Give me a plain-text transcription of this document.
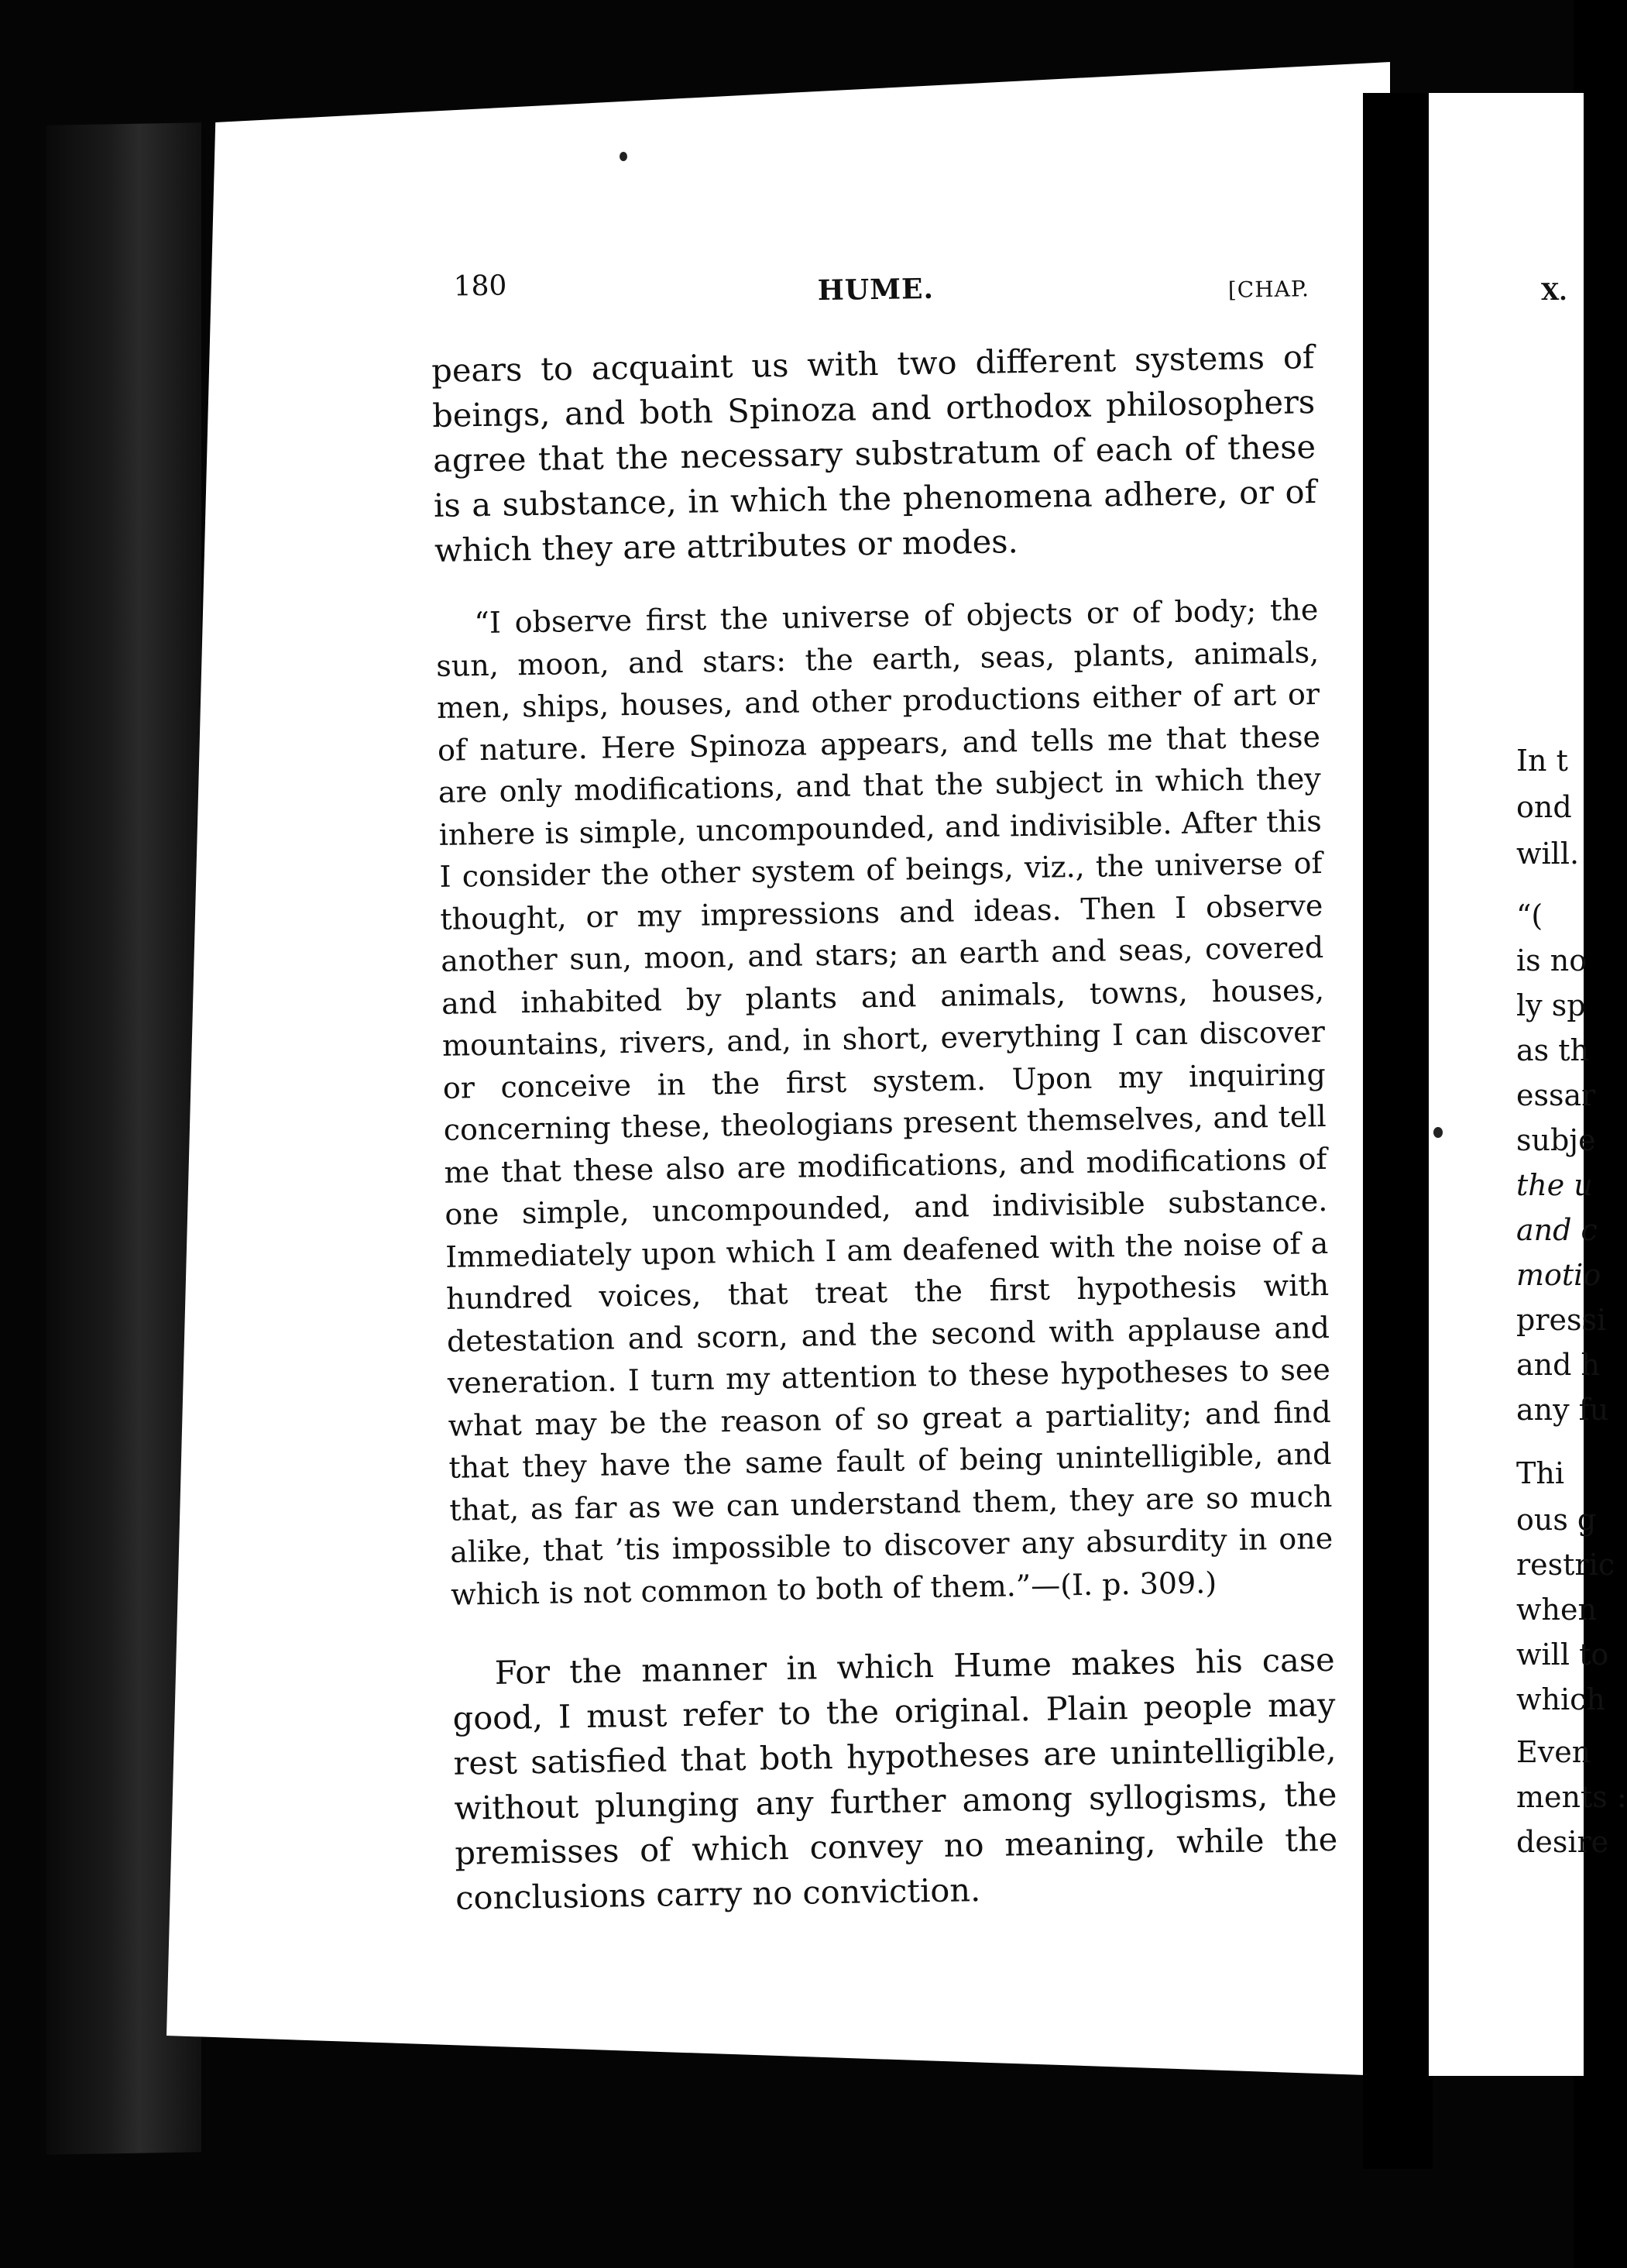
180	HUME.	[CHAP.

pears to acquaint us with two different systems of beings, and both Spinoza and orthodox philosophers agree that the necessary substratum of each of these is a substance, in which the phenomena adhere, or of which they are attributes or modes.

“I observe first the universe of objects or of body; the sun, moon, and stars: the earth, seas, plants, animals, men, ships, houses, and other productions either of art or of nature. Here Spinoza appears, and tells me that these are only modifications, and that the subject in which they inhere is simple, uncompounded, and indivisible. After this I consider the other system of beings, viz., the universe of thought, or my impressions and ideas. Then I observe another sun, moon, and stars; an earth and seas, covered and inhabited by plants and animals, towns, houses, mountains, rivers, and, in short, everything I can discover or conceive in the first system. Upon my inquiring concerning these, theologians present themselves, and tell me that these also are modifications, and modifications of one simple, uncompounded, and indivisible substance. Immediately upon which I am deafened with the noise of a hundred voices, that treat the first hypothesis with detestation and scorn, and the second with applause and veneration. I turn my attention to these hypotheses to see what may be the reason of so great a partiality; and find that they have the same fault of being unintelligible, and that, as far as we can understand them, they are so much alike, that ’tis impossible to discover any absurdity in one which is not common to both of them.”—(I. p. 309.)

For the manner in which Hume makes his case good, I must refer to the original. Plain people may rest satisfied that both hypotheses are unintelligible, without plunging any further among syllogisms, the premisses of which convey no meaning, while the conclusions carry no conviction.

X.
In t
ond
will.
“(
is no
ly sp
as th
essar
subje
the u
and c
motio
pressi
and h
any fu
Thi
ous g
restric
when
will to
which
Even
ments :
desire
